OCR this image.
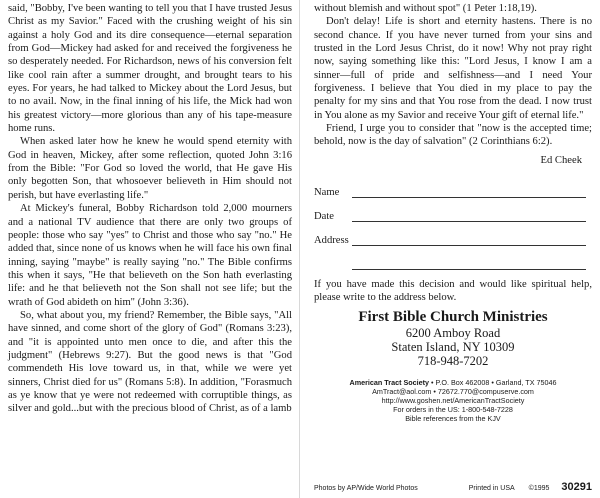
said, "Bobby, I've been wanting to tell you that I have trusted Jesus Christ as my Savior." Faced with the crushing weight of his sin against a holy God and its dire consequence—eternal separation from God—Mickey had asked for and received the forgiveness he so desperately needed. For Richardson, news of his conversion felt like cool rain after a summer drought, and brought tears to his eyes. For years, he had talked to Mickey about the Lord Jesus, but to no avail. Now, in the final inning of his life, the Mick had won his greatest victory—more glorious than any of his tape-measure home runs.

When asked later how he knew he would spend eternity with God in heaven, Mickey, after some reflection, quoted John 3:16 from the Bible: "For God so loved the world, that He gave His only begotten Son, that whosoever believeth in Him should not perish, but have everlasting life."

At Mickey's funeral, Bobby Richardson told 2,000 mourners and a national TV audience that there are only two groups of people: those who say "yes" to Christ and those who say "no." He added that, since none of us knows when he will face his own final inning, saying "maybe" is really saying "no." The Bible confirms this when it says, "He that believeth on the Son hath everlasting life: and he that believeth not the Son shall not see life; but the wrath of God abideth on him" (John 3:36).

So, what about you, my friend? Remember, the Bible says, "All have sinned, and come short of the glory of God" (Romans 3:23), and "it is appointed unto men once to die, and after this the judgment" (Hebrews 9:27). But the good news is that "God commendeth His love toward us, in that, while we were yet sinners, Christ died for us" (Romans 5:8). In addition, "Forasmuch as ye know that ye were not redeemed with corruptible things, as silver and gold...but with the precious blood of Christ, as of a lamb

without blemish and without spot" (1 Peter 1:18,19).

Don't delay! Life is short and eternity hastens. There is no second chance. If you have never turned from your sins and trusted in the Lord Jesus Christ, do it now! Why not pray right now, saying something like this: "Lord Jesus, I know I am a sinner—full of pride and selfishness—and I need Your forgiveness. I believe that You died in my place to pay the penalty for my sins and that You rose from the dead. I now trust in You alone as my Savior and receive Your gift of eternal life."

Friend, I urge you to consider that "now is the accepted time; behold, now is the day of salvation" (2 Corinthians 6:2).

Ed Cheek
Name
Date
Address

If you have made this decision and would like spiritual help, please write to the address below.

First Bible Church Ministries
6200 Amboy Road
Staten Island, NY 10309
718-948-7202
American Tract Society • P.O. Box 462008 • Garland, TX 75046
AmTract@aol.com • 72672.770@compuserve.com
http://www.goshen.net/AmericanTractSociety
For orders in the US: 1-800-548-7228
Bible references from the KJV
Photos by AP/Wide World Photos	Printed in USA ©1995 30291
